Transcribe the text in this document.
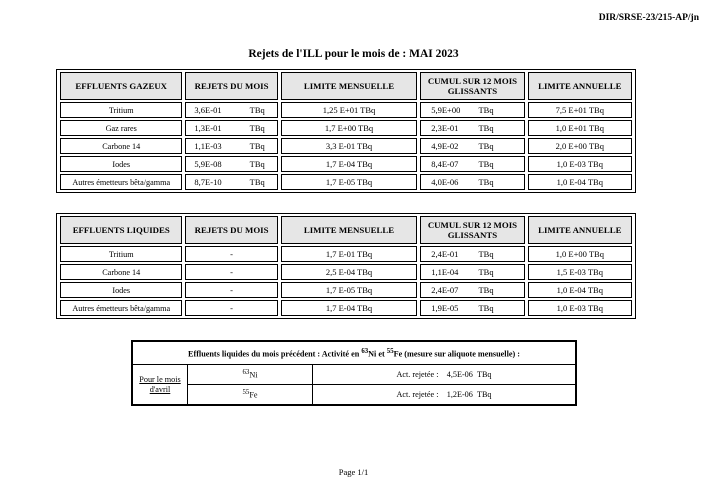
DIR/SRSE-23/215-AP/jn
Rejets de l'ILL pour le mois de : MAI 2023
EFFLUENTS GAZEUX	REJETS DU MOIS	LIMITE MENSUELLE	CUMUL SUR 12 MOIS GLISSANTS	LIMITE ANNUELLE
Tritium	3,6E-01 TBq	1,25 E+01 TBq	5,9E+00 TBq	7,5 E+01 TBq
Gaz rares	1,3E-01 TBq	1,7 E+00 TBq	2,3E-01 TBq	1,0 E+01 TBq
Carbone 14	1,1E-03 TBq	3,3 E-01 TBq	4,9E-02 TBq	2,0 E+00 TBq
Iodes	5,9E-08 TBq	1,7 E-04 TBq	8,4E-07 TBq	1,0 E-03 TBq
Autres émetteurs bêta/gamma	8,7E-10 TBq	1,7 E-05 TBq	4,0E-06 TBq	1,0 E-04 TBq
EFFLUENTS LIQUIDES	REJETS DU MOIS	LIMITE MENSUELLE	CUMUL SUR 12 MOIS GLISSANTS	LIMITE ANNUELLE
Tritium	-	1,7 E-01 TBq	2,4E-01 TBq	1,0 E+00 TBq
Carbone 14	-	2,5 E-04 TBq	1,1E-04 TBq	1,5 E-03 TBq
Iodes	-	1,7 E-05 TBq	2,4E-07 TBq	1,0 E-04 TBq
Autres émetteurs bêta/gamma	-	1,7 E-04 TBq	1,9E-05 TBq	1,0 E-03 TBq
Effluents liquides du mois précédent : Activité en $^{63}$Ni et $^{55}$Fe (mesure sur aliquote mensuelle) :		
Pour le mois
d'avril	$^{63}$Ni	Act. rejetée : 4,5E-06 TBq
	$^{55}$Fe	Act. rejetée : 1,2E-06 TBq
Page 1/1
